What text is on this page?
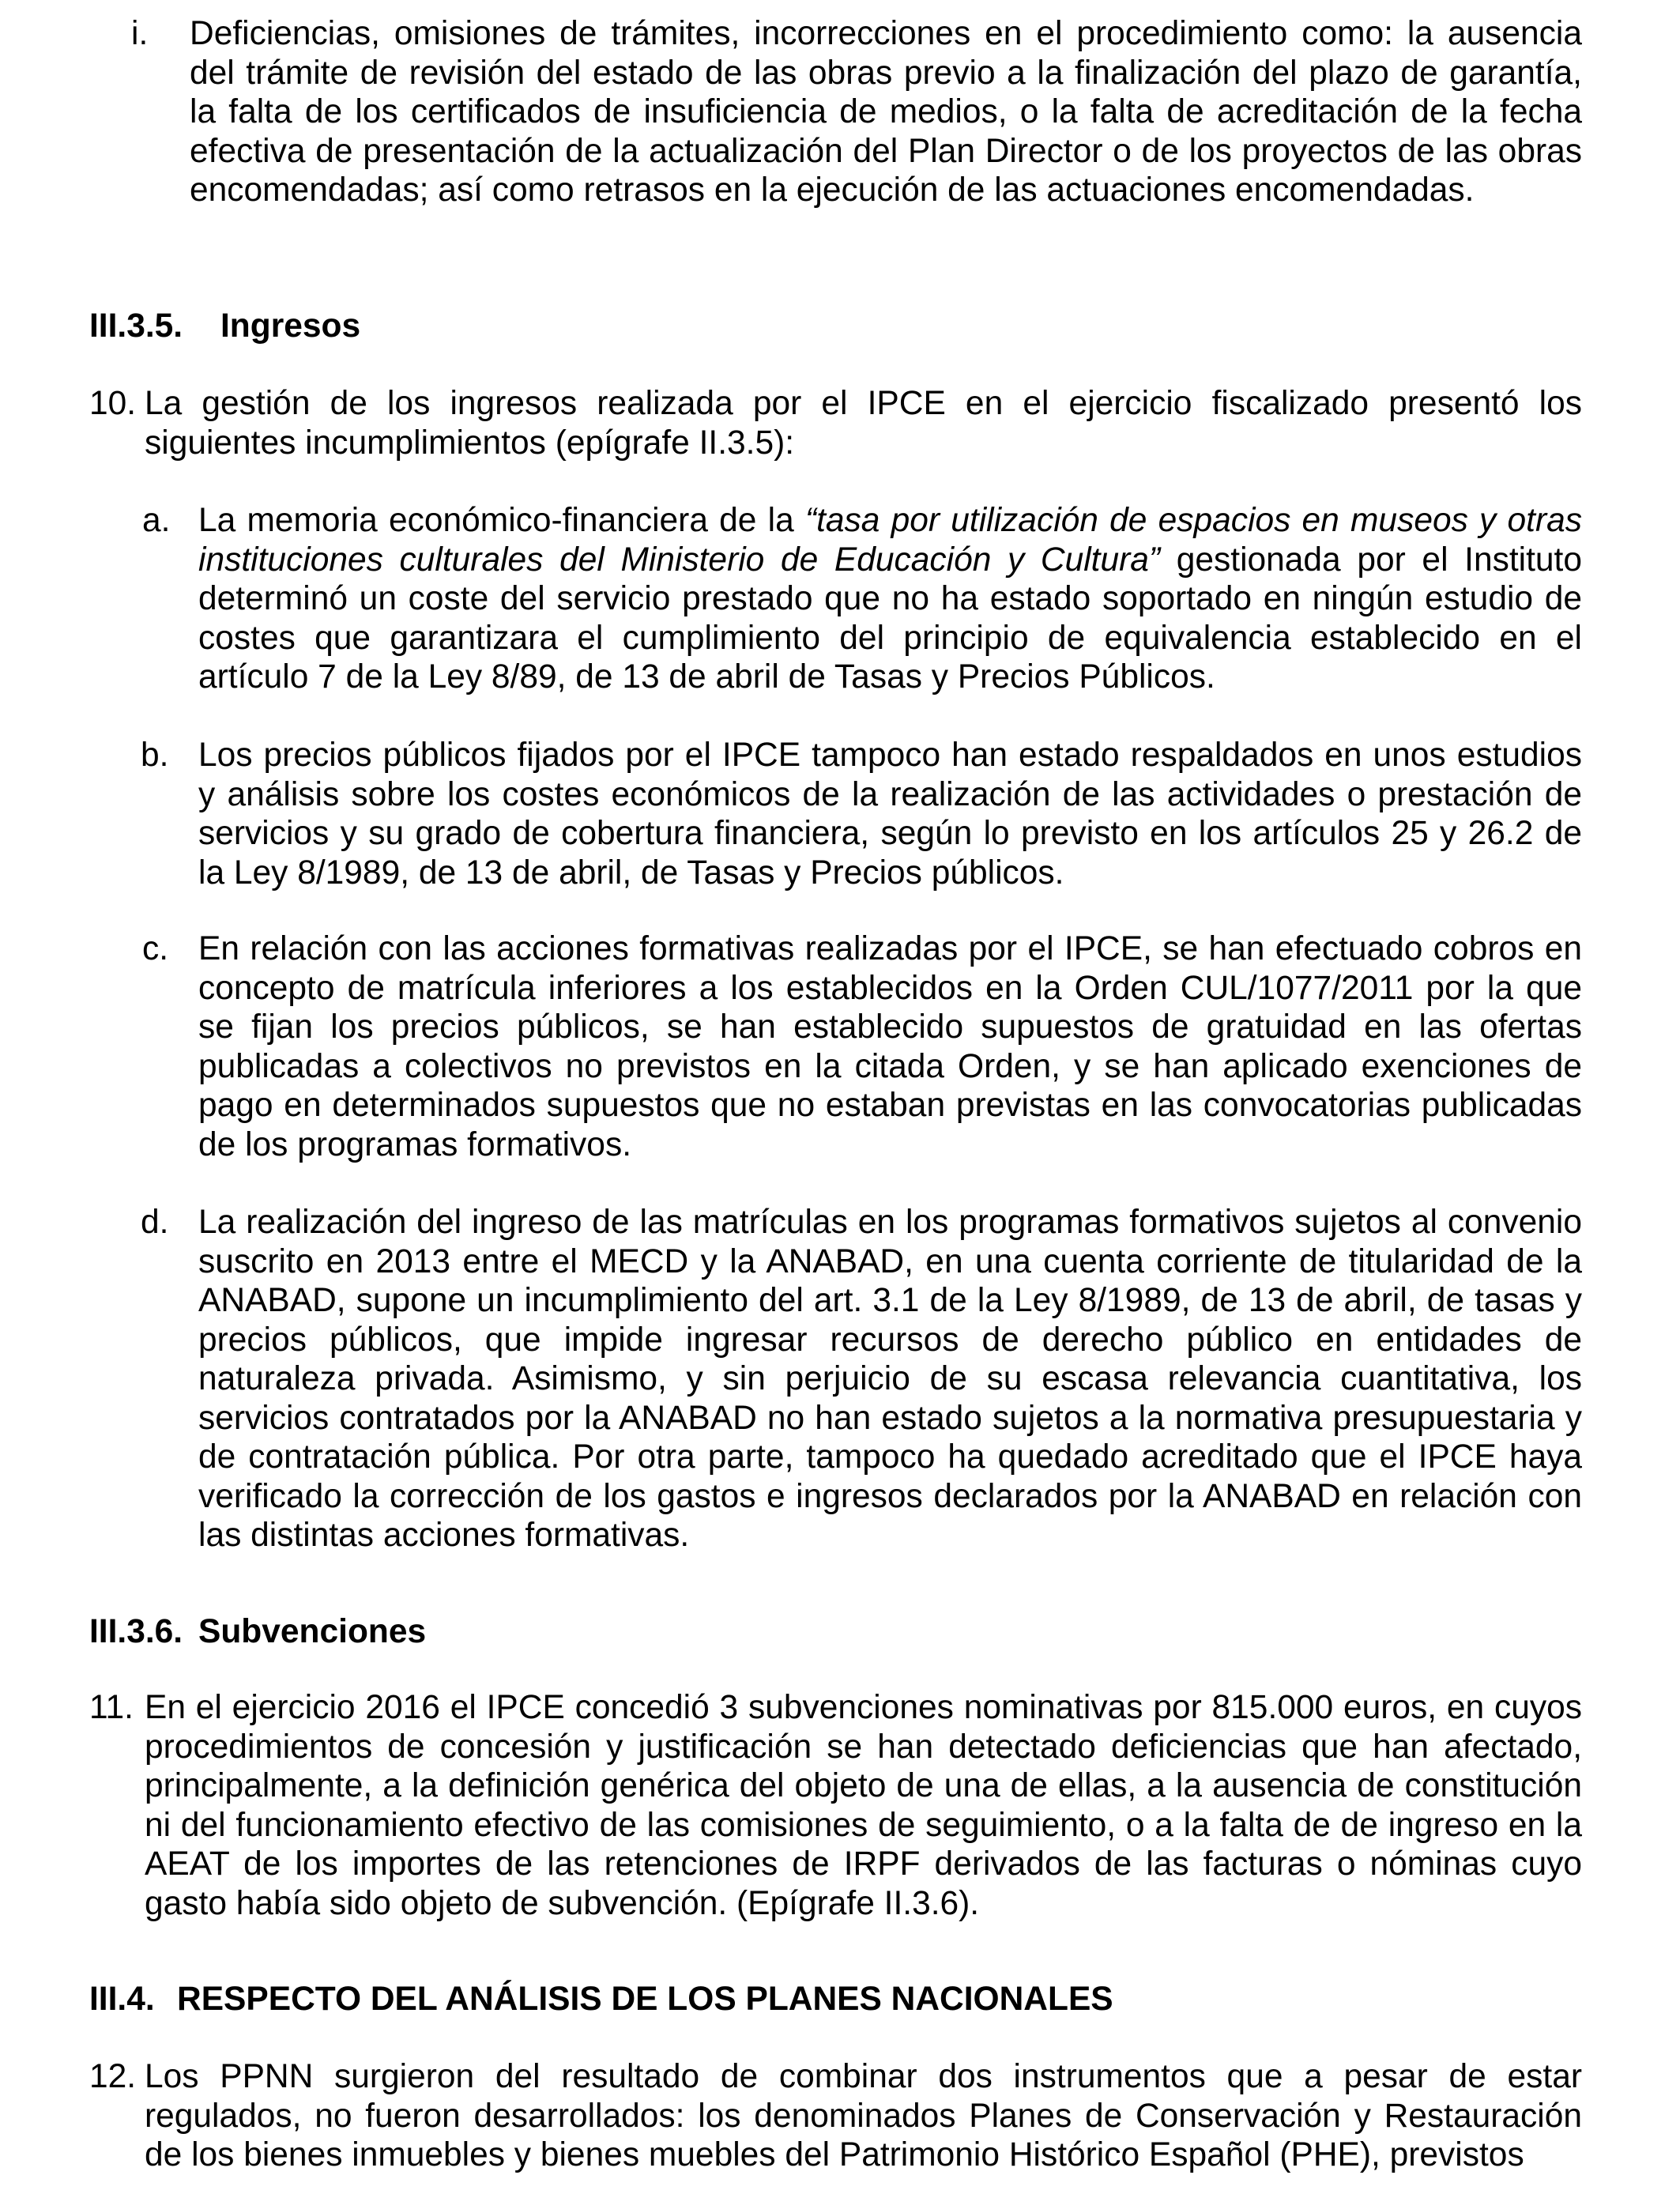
i. Deficiencias, omisiones de trámites, incorrecciones en el procedimiento como: la ausencia del trámite de revisión del estado de las obras previo a la finalización del plazo de garantía, la falta de los certificados de insuficiencia de medios, o la falta de acreditación de la fecha efectiva de presentación de la actualización del Plan Director o de los proyectos de las obras encomendadas; así como retrasos en la ejecución de las actuaciones encomendadas.
III.3.5. Ingresos
10. La gestión de los ingresos realizada por el IPCE en el ejercicio fiscalizado presentó los siguientes incumplimientos (epígrafe II.3.5):
a. La memoria económico-financiera de la “tasa por utilización de espacios en museos y otras instituciones culturales del Ministerio de Educación y Cultura” gestionada por el Instituto determinó un coste del servicio prestado que no ha estado soportado en ningún estudio de costes que garantizara el cumplimiento del principio de equivalencia establecido en el artículo 7 de la Ley 8/89, de 13 de abril de Tasas y Precios Públicos.
b. Los precios públicos fijados por el IPCE tampoco han estado respaldados en unos estudios y análisis sobre los costes económicos de la realización de las actividades o prestación de servicios y su grado de cobertura financiera, según lo previsto en los artículos 25 y 26.2 de la Ley 8/1989, de 13 de abril, de Tasas y Precios públicos.
c. En relación con las acciones formativas realizadas por el IPCE, se han efectuado cobros en concepto de matrícula inferiores a los establecidos en la Orden CUL/1077/2011 por la que se fijan los precios públicos, se han establecido supuestos de gratuidad en las ofertas publicadas a colectivos no previstos en la citada Orden, y se han aplicado exenciones de pago en determinados supuestos que no estaban previstas en las convocatorias publicadas de los programas formativos.
d. La realización del ingreso de las matrículas en los programas formativos sujetos al convenio suscrito en 2013 entre el MECD y la ANABAD, en una cuenta corriente de titularidad de la ANABAD, supone un incumplimiento del art. 3.1 de la Ley 8/1989, de 13 de abril, de tasas y precios públicos, que impide ingresar recursos de derecho público en entidades de naturaleza privada. Asimismo, y sin perjuicio de su escasa relevancia cuantitativa, los servicios contratados por la ANABAD no han estado sujetos a la normativa presupuestaria y de contratación pública. Por otra parte, tampoco ha quedado acreditado que el IPCE haya verificado la corrección de los gastos e ingresos declarados por la ANABAD en relación con las distintas acciones formativas.
III.3.6. Subvenciones
11. En el ejercicio 2016 el IPCE concedió 3 subvenciones nominativas por 815.000 euros, en cuyos procedimientos de concesión y justificación se han detectado deficiencias que han afectado, principalmente, a la definición genérica del objeto de una de ellas, a la ausencia de constitución ni del funcionamiento efectivo de las comisiones de seguimiento, o a la falta de de ingreso en la AEAT de los importes de las retenciones de IRPF derivados de las facturas o nóminas cuyo gasto había sido objeto de subvención. (Epígrafe II.3.6).
III.4. RESPECTO DEL ANÁLISIS DE LOS PLANES NACIONALES
12. Los PPNN surgieron del resultado de combinar dos instrumentos que a pesar de estar regulados, no fueron desarrollados: los denominados Planes de Conservación y Restauración de los bienes inmuebles y bienes muebles del Patrimonio Histórico Español (PHE), previstos
